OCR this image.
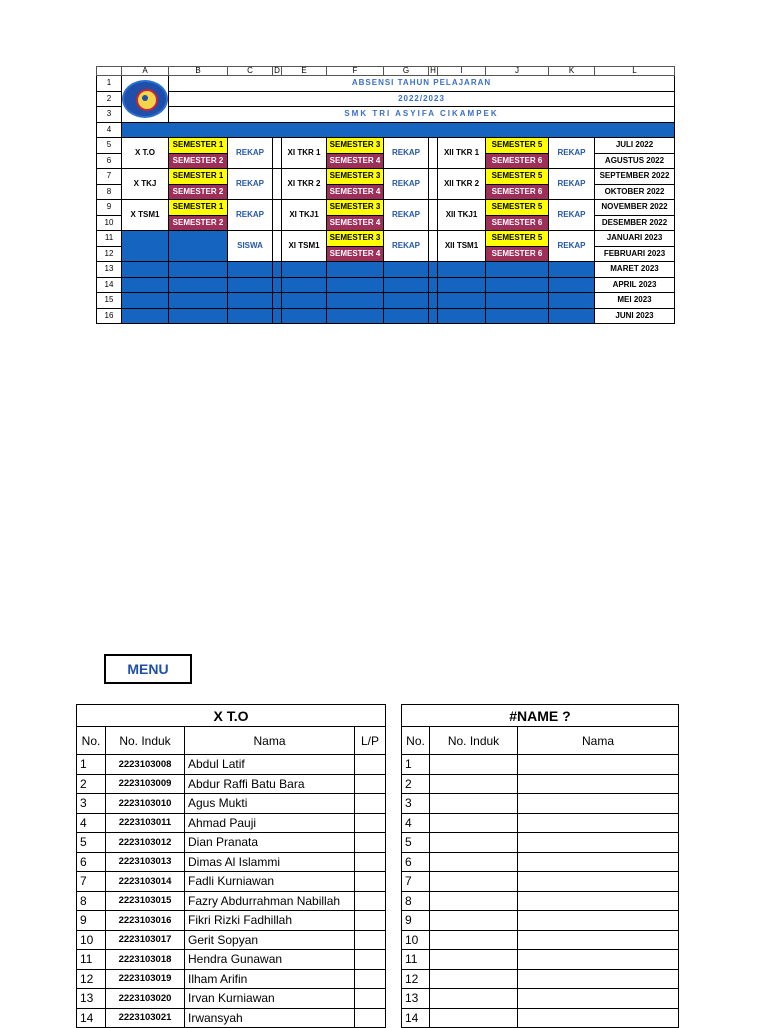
	A	B	C	D	E	F	G	H	I	J	K	L
1		ABSENSI TAHUN PELAJARAN										
2		2022/2023										
3		SMK TRI ASYIFA CIKAMPEK										
4												
5	X T.O	SEMESTER 1	REKAP		XI TKR 1	SEMESTER 3	REKAP		XII TKR 1	SEMESTER 5	REKAP	JULI 2022
6		SEMESTER 2				SEMESTER 4				SEMESTER 6		AGUSTUS 2022
7	X TKJ	SEMESTER 1	REKAP		XI TKR 2	SEMESTER 3	REKAP		XII TKR 2	SEMESTER 5	REKAP	SEPTEMBER 2022
8		SEMESTER 2				SEMESTER 4				SEMESTER 6		OKTOBER 2022
9	X TSM1	SEMESTER 1	REKAP		XI TKJ1	SEMESTER 3	REKAP		XII TKJ1	SEMESTER 5	REKAP	NOVEMBER 2022
10		SEMESTER 2				SEMESTER 4				SEMESTER 6		DESEMBER 2022
11			SISWA		XI TSM1	SEMESTER 3	REKAP		XII TSM1	SEMESTER 5	REKAP	JANUARI 2023
12						SEMESTER 4				SEMESTER 6		FEBRUARI 2023
13												MARET 2023
14												APRIL 2023
15												MEI 2023
16												JUNI 2023
MENU
X T.O			
No.	No. Induk	Nama	L/P
1	2223103008	Abdul Latif	
2	2223103009	Abdur Raffi Batu Bara	
3	2223103010	Agus Mukti	
4	2223103011	Ahmad Pauji	
5	2223103012	Dian Pranata	
6	2223103013	Dimas Al Islammi	
7	2223103014	Fadli Kurniawan	
8	2223103015	Fazry Abdurrahman Nabillah	
9	2223103016	Fikri Rizki Fadhillah	
10	2223103017	Gerit Sopyan	
11	2223103018	Hendra Gunawan	
12	2223103019	Ilham Arifin	
13	2223103020	Irvan Kurniawan	
14	2223103021	Irwansyah	
#NAME ?		
No.	No. Induk	Nama
1		
2		
3		
4		
5		
6		
7		
8		
9		
10		
11		
12		
13		
14		
